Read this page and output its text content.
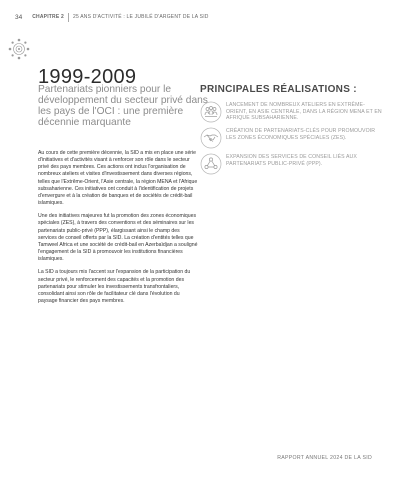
34 CHAPITRE 2 25 ANS D'ACTIVITÉ : LE JUBILÉ D'ARGENT DE LA SID
1999-2009
Partenariats pionniers pour le développement du secteur privé dans les pays de l'OCI : une première décennie marquante

Au cours de cette première décennie, la SID a mis en place une série d'initiatives et d'activités visant à renforcer son rôle dans le secteur privé des pays membres. Ces actions ont inclus l'organisation de nombreux ateliers et visites d'investissement dans diverses régions, telles que l'Extrême-Orient, l'Asie centrale, la région MENA et l'Afrique subsaharienne. Ces initiatives ont conduit à l'identification de projets d'envergure et à la création de banques et de sociétés de crédit-bail islamiques.

Une des initiatives majeures fut la promotion des zones économiques spéciales (ZES), à travers des conventions et des séminaires sur les partenariats public-privé (PPP), élargissant ainsi le champ des services de conseil offerts par la SID. La création d'entités telles que Tamweel Africa et une société de crédit-bail en Azerbaïdjan a souligné l'engagement de la SID à promouvoir les institutions financières islamiques.

La SID a toujours mis l'accent sur l'expansion de la participation du secteur privé, le renforcement des capacités et la promotion des partenariats pour stimuler les investissements transfrontaliers, consolidant ainsi son rôle de facilitateur clé dans l'évolution du paysage financier des pays membres.

PRINCIPALES RÉALISATIONS :
LANCEMENT DE NOMBREUX ATELIERS EN EXTRÊME-ORIENT, EN ASIE CENTRALE, DANS LA RÉGION MENA ET EN AFRIQUE SUBSAHARIENNE.
CRÉATION DE PARTENARIATS-CLÉS POUR PROMOUVOIR LES ZONES ÉCONOMIQUES SPÉCIALES (ZES).
EXPANSION DES SERVICES DE CONSEIL LIÉS AUX PARTENARIATS PUBLIC-PRIVÉ (PPP).
RAPPORT ANNUEL 2024 DE LA SID
